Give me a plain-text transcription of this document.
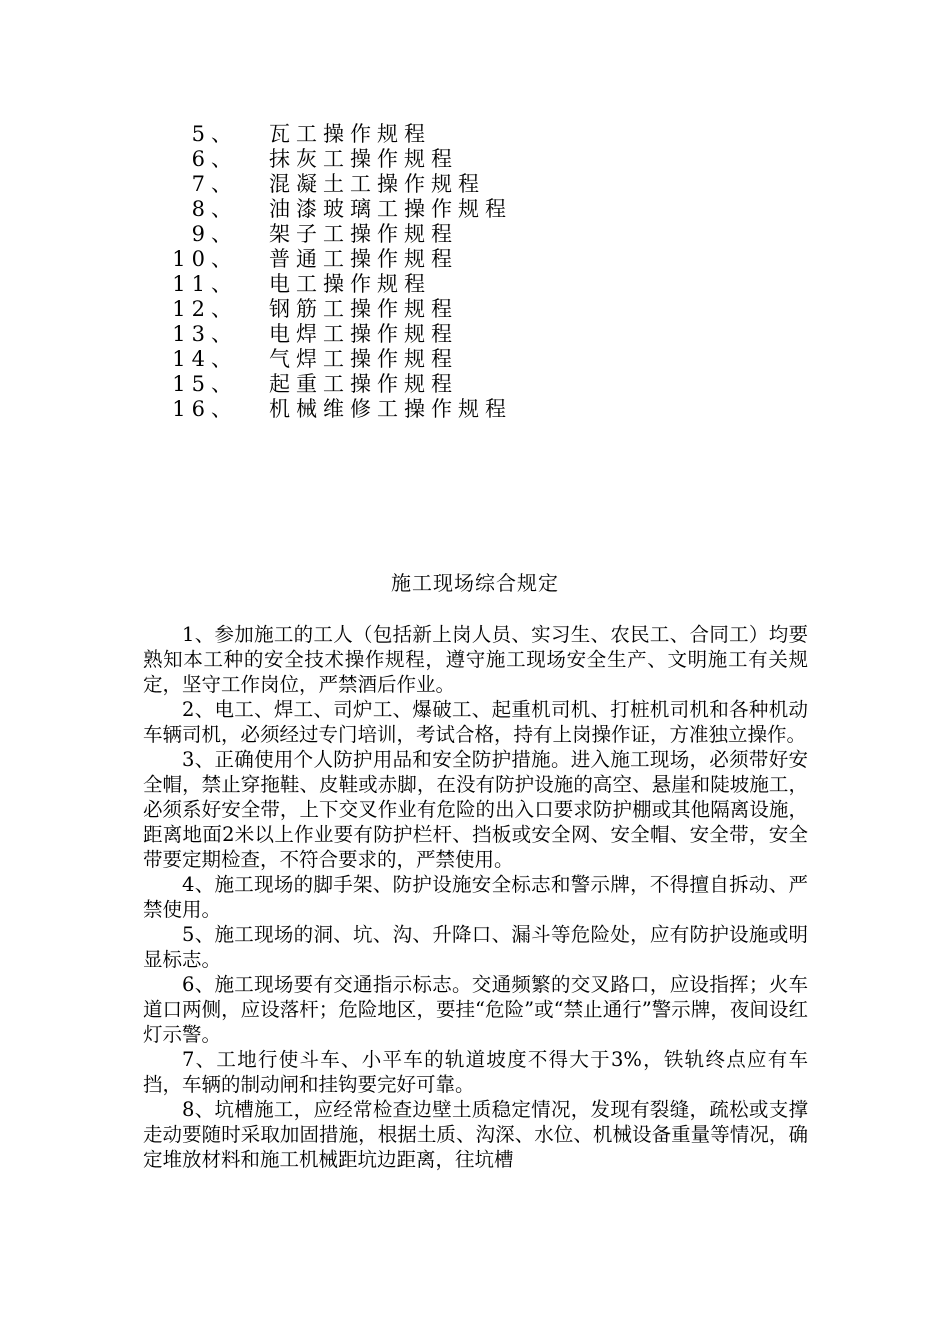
5、 瓦工操作规程
6、 抹灰工操作规程
7、 混凝土工操作规程
8、 油漆玻璃工操作规程
9、 架子工操作规程
10、 普通工操作规程
11、 电工操作规程
12、 钢筋工操作规程
13、 电焊工操作规程
14、 气焊工操作规程
15、 起重工操作规程
16、 机械维修工操作规程
施工现场综合规定

1、参加施工的工人（包括新上岗人员、实习生、农民工、合同工）均要熟知本工种的安全技术操作规程，遵守施工现场安全生产、文明施工有关规定，坚守工作岗位，严禁酒后作业。

2、电工、焊工、司炉工、爆破工、起重机司机、打桩机司机和各种机动车辆司机，必须经过专门培训，考试合格，持有上岗操作证，方准独立操作。

3、正确使用个人防护用品和安全防护措施。进入施工现场，必须带好安全帽，禁止穿拖鞋、皮鞋或赤脚，在没有防护设施的高空、悬崖和陡坡施工，必须系好安全带，上下交叉作业有危险的出入口要求防护棚或其他隔离设施，距离地面2米以上作业要有防护栏杆、挡板或安全网、安全帽、安全带，安全带要定期检查，不符合要求的，严禁使用。

4、施工现场的脚手架、防护设施安全标志和警示牌，不得擅自拆动、严禁使用。

5、施工现场的洞、坑、沟、升降口、漏斗等危险处，应有防护设施或明显标志。

6、施工现场要有交通指示标志。交通频繁的交叉路口，应设指挥；火车道口两侧，应设落杆；危险地区，要挂“危险”或“禁止通行”警示牌，夜间设红灯示警。

7、工地行使斗车、小平车的轨道坡度不得大于3%，铁轨终点应有车挡，车辆的制动闸和挂钩要完好可靠。

8、坑槽施工，应经常检查边壁土质稳定情况，发现有裂缝，疏松或支撑走动要随时采取加固措施，根据土质、沟深、水位、机械设备重量等情况，确定堆放材料和施工机械距坑边距离，往坑槽
